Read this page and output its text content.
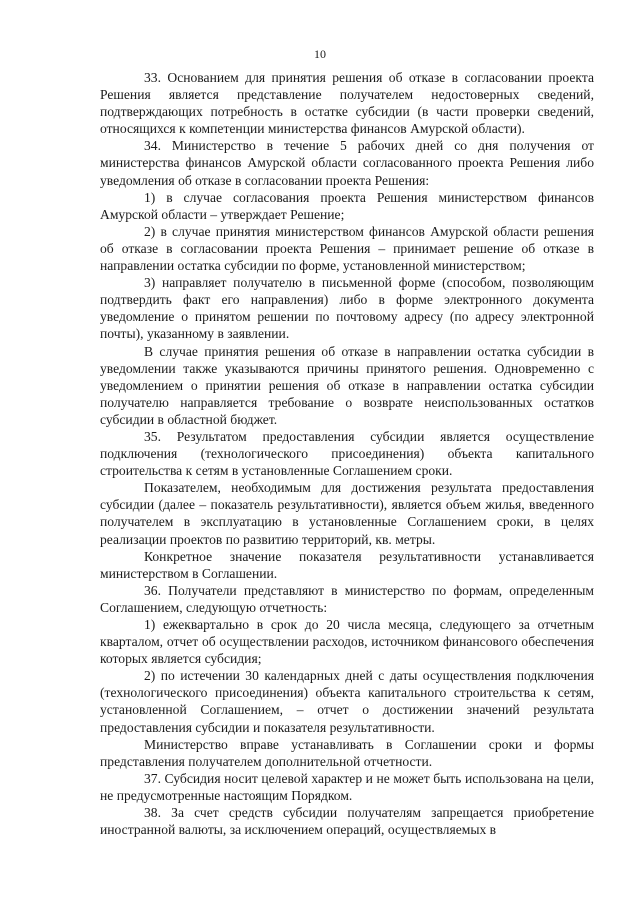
10

33. Основанием для принятия решения об отказе в согласовании проекта Решения является представление получателем недостоверных сведений, подтверждающих потребность в остатке субсидии (в части проверки сведений, относящихся к компетенции министерства финансов Амурской области).

34. Министерство в течение 5 рабочих дней со дня получения от министерства финансов Амурской области согласованного проекта Решения либо уведомления об отказе в согласовании проекта Решения:

1) в случае согласования проекта Решения министерством финансов Амурской области – утверждает Решение;

2) в случае принятия министерством финансов Амурской области решения об отказе в согласовании проекта Решения – принимает решение об отказе в направлении остатка субсидии по форме, установленной министерством;

3) направляет получателю в письменной форме (способом, позволяющим подтвердить факт его направления) либо в форме электронного документа уведомление о принятом решении по почтовому адресу (по адресу электронной почты), указанному в заявлении.

В случае принятия решения об отказе в направлении остатка субсидии в уведомлении также указываются причины принятого решения. Одновременно с уведомлением о принятии решения об отказе в направлении остатка субсидии получателю направляется требование о возврате неиспользованных остатков субсидии в областной бюджет.

35. Результатом предоставления субсидии является осуществление подключения (технологического присоединения) объекта капитального строительства к сетям в установленные Соглашением сроки.

Показателем, необходимым для достижения результата предоставления субсидии (далее – показатель результативности), является объем жилья, введенного получателем в эксплуатацию в установленные Соглашением сроки, в целях реализации проектов по развитию территорий, кв. метры.

Конкретное значение показателя результативности устанавливается министерством в Соглашении.

36. Получатели представляют в министерство по формам, определенным Соглашением, следующую отчетность:

1) ежеквартально в срок до 20 числа месяца, следующего за отчетным кварталом, отчет об осуществлении расходов, источником финансового обеспечения которых является субсидия;

2) по истечении 30 календарных дней с даты осуществления подключения (технологического присоединения) объекта капитального строительства к сетям, установленной Соглашением, – отчет о достижении значений результата предоставления субсидии и показателя результативности.

Министерство вправе устанавливать в Соглашении сроки и формы представления получателем дополнительной отчетности.

37. Субсидия носит целевой характер и не может быть использована на цели, не предусмотренные настоящим Порядком.

38. За счет средств субсидии получателям запрещается приобретение иностранной валюты, за исключением операций, осуществляемых в
